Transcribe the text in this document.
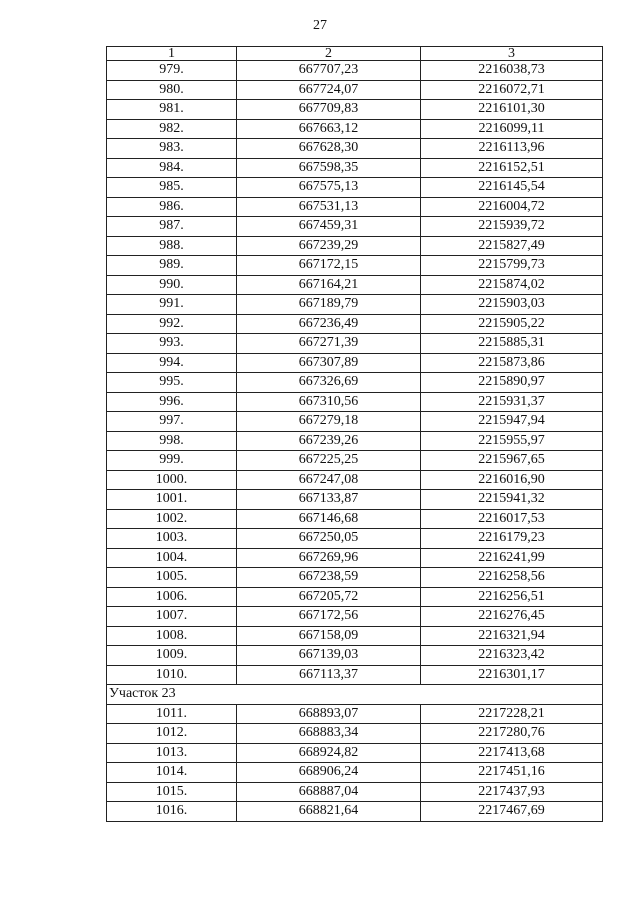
27
1	2	3
979.	667707,23	2216038,73
980.	667724,07	2216072,71
981.	667709,83	2216101,30
982.	667663,12	2216099,11
983.	667628,30	2216113,96
984.	667598,35	2216152,51
985.	667575,13	2216145,54
986.	667531,13	2216004,72
987.	667459,31	2215939,72
988.	667239,29	2215827,49
989.	667172,15	2215799,73
990.	667164,21	2215874,02
991.	667189,79	2215903,03
992.	667236,49	2215905,22
993.	667271,39	2215885,31
994.	667307,89	2215873,86
995.	667326,69	2215890,97
996.	667310,56	2215931,37
997.	667279,18	2215947,94
998.	667239,26	2215955,97
999.	667225,25	2215967,65
1000.	667247,08	2216016,90
1001.	667133,87	2215941,32
1002.	667146,68	2216017,53
1003.	667250,05	2216179,23
1004.	667269,96	2216241,99
1005.	667238,59	2216258,56
1006.	667205,72	2216256,51
1007.	667172,56	2216276,45
1008.	667158,09	2216321,94
1009.	667139,03	2216323,42
1010.	667113,37	2216301,17
Участок 23		
1011.	668893,07	2217228,21
1012.	668883,34	2217280,76
1013.	668924,82	2217413,68
1014.	668906,24	2217451,16
1015.	668887,04	2217437,93
1016.	668821,64	2217467,69
